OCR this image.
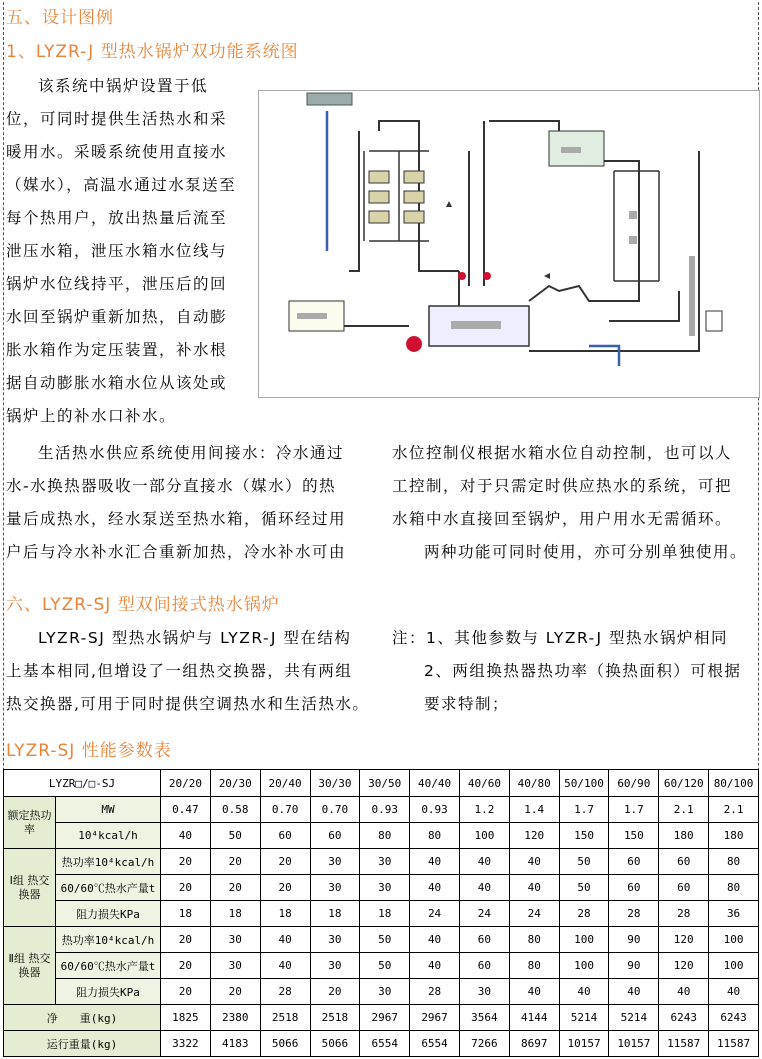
五、设计图例
1、LYZR-J 型热水锅炉双功能系统图
该系统中锅炉设置于低
位，可同时提供生活热水和采
暖用水。采暖系统使用直接水
（媒水），高温水通过水泵送至
每个热用户，放出热量后流至
泄压水箱，泄压水箱水位线与
锅炉水位线持平，泄压后的回
水回至锅炉重新加热，自动膨
胀水箱作为定压装置，补水根
据自动膨胀水箱水位从该处或
锅炉上的补水口补水。
生活热水供应系统使用间接水：冷水通过
水-水换热器吸收一部分直接水（媒水）的热
量后成热水，经水泵送至热水箱，循环经过用
户后与冷水补水汇合重新加热，冷水补水可由
水位控制仪根据水箱水位自动控制，也可以人
工控制，对于只需定时供应热水的系统，可把
水箱中水直接回至锅炉，用户用水无需循环。
两种功能可同时使用，亦可分别单独使用。
六、LYZR-SJ 型双间接式热水锅炉
LYZR-SJ 型热水锅炉与 LYZR-J 型在结构
上基本相同,但增设了一组热交换器，共有两组
热交换器,可用于同时提供空调热水和生活热水。
注：1、其他参数与 LYZR-J 型热水锅炉相同
2、两组换热器热功率（换热面积）可根据
要求特制；
LYZR-SJ 性能参数表
LYZR□/□-SJ		20/20	20/30	20/40	30/30	30/50	40/40	40/60	40/80	50/100	60/90	60/120	80/100
额定热功率	MW	0.47	0.58	0.70	0.70	0.93	0.93	1.2	1.4	1.7	1.7	2.1	2.1
	10⁴kcal/h	40	50	60	60	80	80	100	120	150	150	180	180
Ⅰ组 热交 换器	热功率10⁴kcal/h	20	20	20	30	30	40	40	40	50	60	60	80
	60/60℃热水产量t	20	20	20	30	30	40	40	40	50	60	60	80
	阻力损失KPa	18	18	18	18	18	24	24	24	28	28	28	36
Ⅱ组 热交 换器	热功率10⁴kcal/h	20	30	40	30	50	40	60	80	100	90	120	100
	60/60℃热水产量t	20	30	40	30	50	40	60	80	100	90	120	100
	阻力损失KPa	20	20	28	20	30	28	30	40	40	40	40	40
净　　重(kg)		1825	2380	2518	2518	2967	2967	3564	4144	5214	5214	6243	6243
运行重量(kg)		3322	4183	5066	5066	6554	6554	7266	8697	10157	10157	11587	11587
